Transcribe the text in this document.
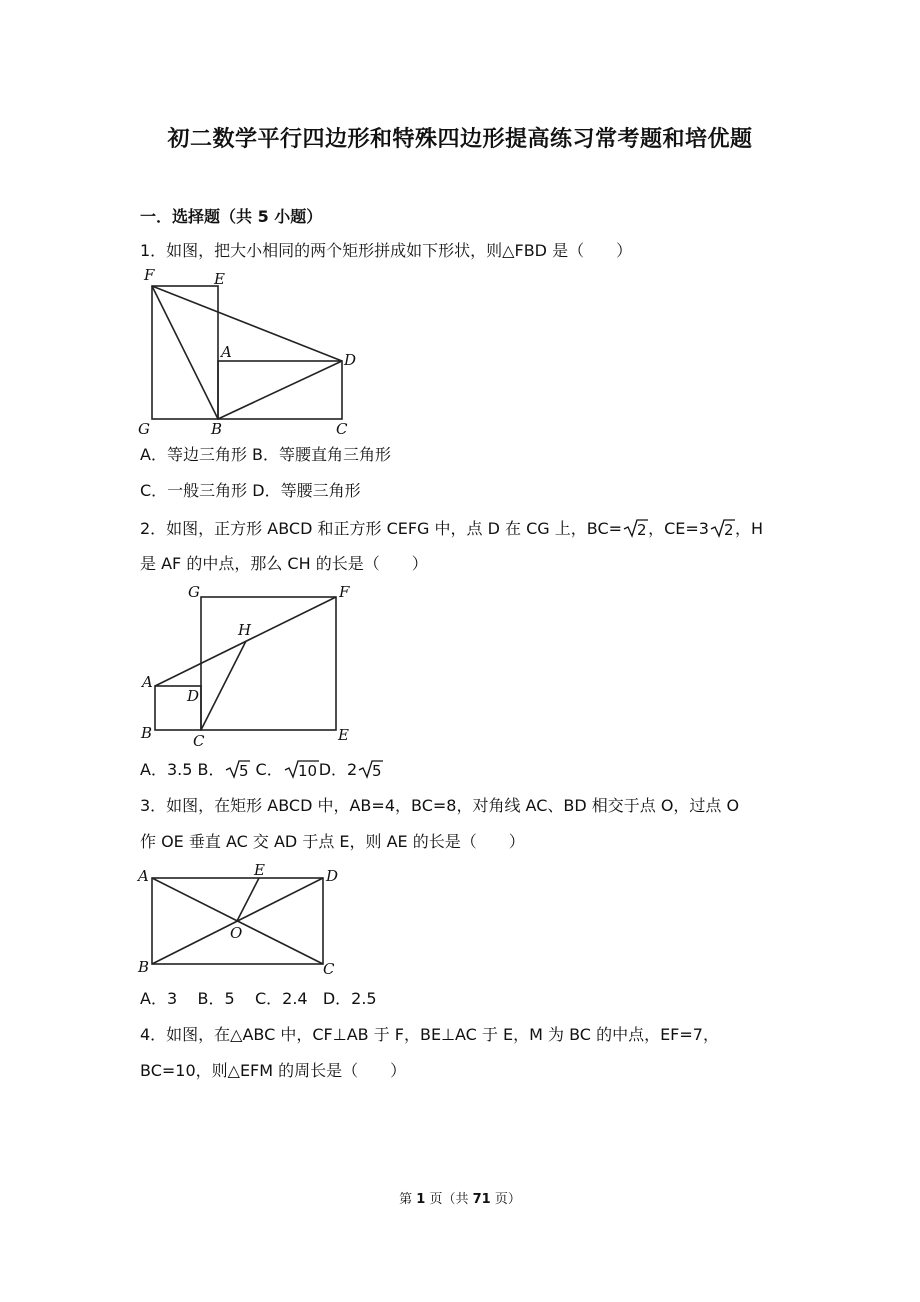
初二数学平行四边形和特殊四边形提高练习常考题和培优题
一．选择题（共 5 小题）
1．如图，把大小相同的两个矩形拼成如下形状，则△FBD 是（　　）
F	E
A	D
G	B	C
A．等边三角形 B．等腰直角三角形
C．一般三角形 D．等腰三角形
2．如图，正方形 ABCD 和正方形 CEFG 中，点 D 在 CG 上，BC= 2 ，CE=3 2 ，H
是 AF 的中点，那么 CH 的长是（　　）
G	F
H
A
D
B	C	E
A．3.5 B． 5 C． 10 D．2 5
3．如图，在矩形 ABCD 中，AB=4，BC=8，对角线 AC、BD 相交于点 O，过点 O
作 OE 垂直 AC 交 AD 于点 E，则 AE 的长是（　　）
A	E	D
O
B	C
A．3    B．5    C．2.4   D．2.5
4．如图，在△ABC 中，CF⊥AB 于 F，BE⊥AC 于 E，M 为 BC 的中点，EF=7，
BC=10，则△EFM 的周长是（　　）
第 1 页（共 71 页）
